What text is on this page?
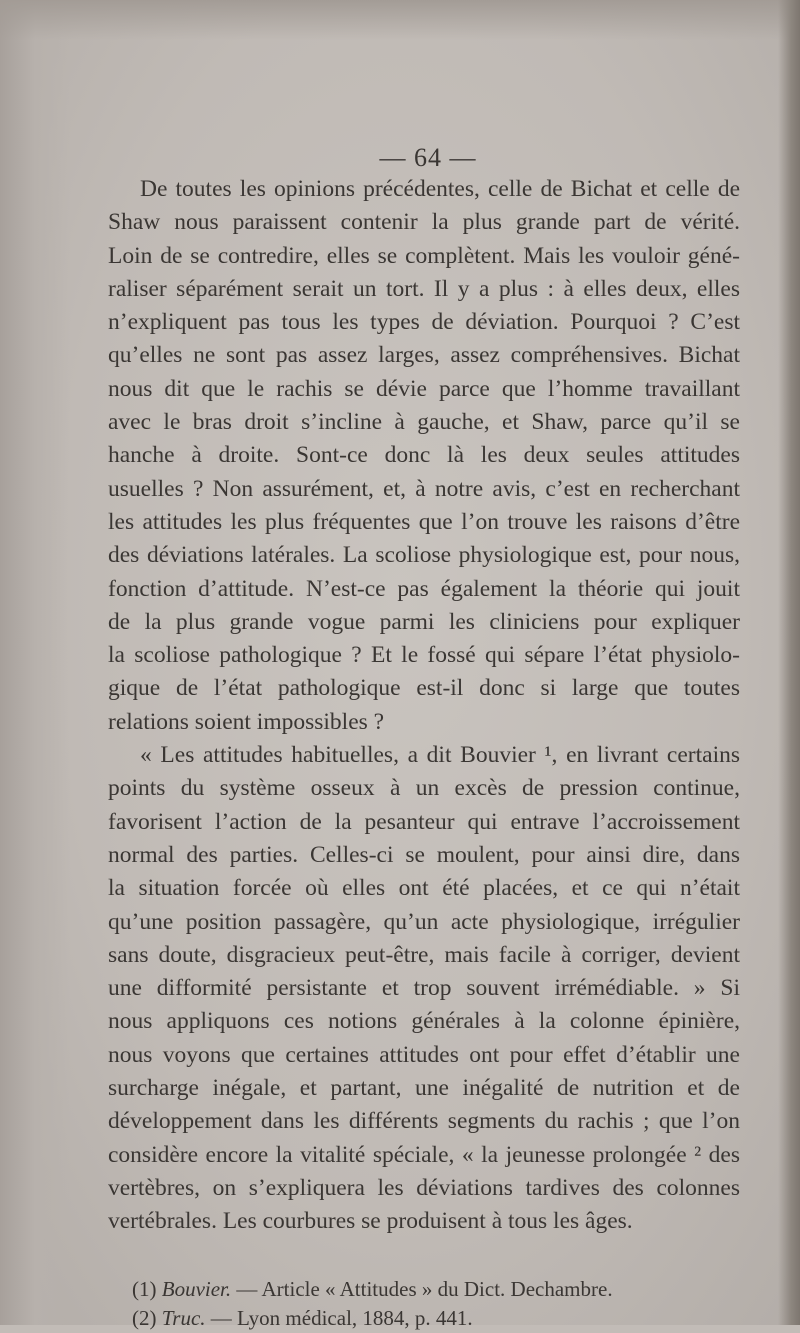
— 64 —
De toutes les opinions précédentes, celle de Bichat et celle de
Shaw nous paraissent contenir la plus grande part de vérité.
Loin de se contredire, elles se complètent. Mais les vouloir géné-
raliser séparément serait un tort. Il y a plus : à elles deux, elles
n’expliquent pas tous les types de déviation. Pourquoi ? C’est
qu’elles ne sont pas assez larges, assez compréhensives. Bichat
nous dit que le rachis se dévie parce que l’homme travaillant
avec le bras droit s’incline à gauche, et Shaw, parce qu’il se
hanche à droite. Sont-ce donc là les deux seules attitudes
usuelles ? Non assurément, et, à notre avis, c’est en recherchant
les attitudes les plus fréquentes que l’on trouve les raisons d’être
des déviations latérales. La scoliose physiologique est, pour nous,
fonction d’attitude. N’est-ce pas également la théorie qui jouit
de la plus grande vogue parmi les cliniciens pour expliquer
la scoliose pathologique ? Et le fossé qui sépare l’état physiolo-
gique de l’état pathologique est-il donc si large que toutes
relations soient impossibles ?
« Les attitudes habituelles, a dit Bouvier ¹, en livrant certains
points du système osseux à un excès de pression continue,
favorisent l’action de la pesanteur qui entrave l’accroissement
normal des parties. Celles-ci se moulent, pour ainsi dire, dans
la situation forcée où elles ont été placées, et ce qui n’était
qu’une position passagère, qu’un acte physiologique, irrégulier
sans doute, disgracieux peut-être, mais facile à corriger, devient
une difformité persistante et trop souvent irrémédiable. » Si
nous appliquons ces notions générales à la colonne épinière,
nous voyons que certaines attitudes ont pour effet d’établir une
surcharge inégale, et partant, une inégalité de nutrition et de
développement dans les différents segments du rachis ; que l’on
considère encore la vitalité spéciale, « la jeunesse prolongée ² des
vertèbres, on s’expliquera les déviations tardives des colonnes
vertébrales. Les courbures se produisent à tous les âges.
(1) Bouvier. — Article « Attitudes » du Dict. Dechambre.
(2) Truc. — Lyon médical, 1884, p. 441.
